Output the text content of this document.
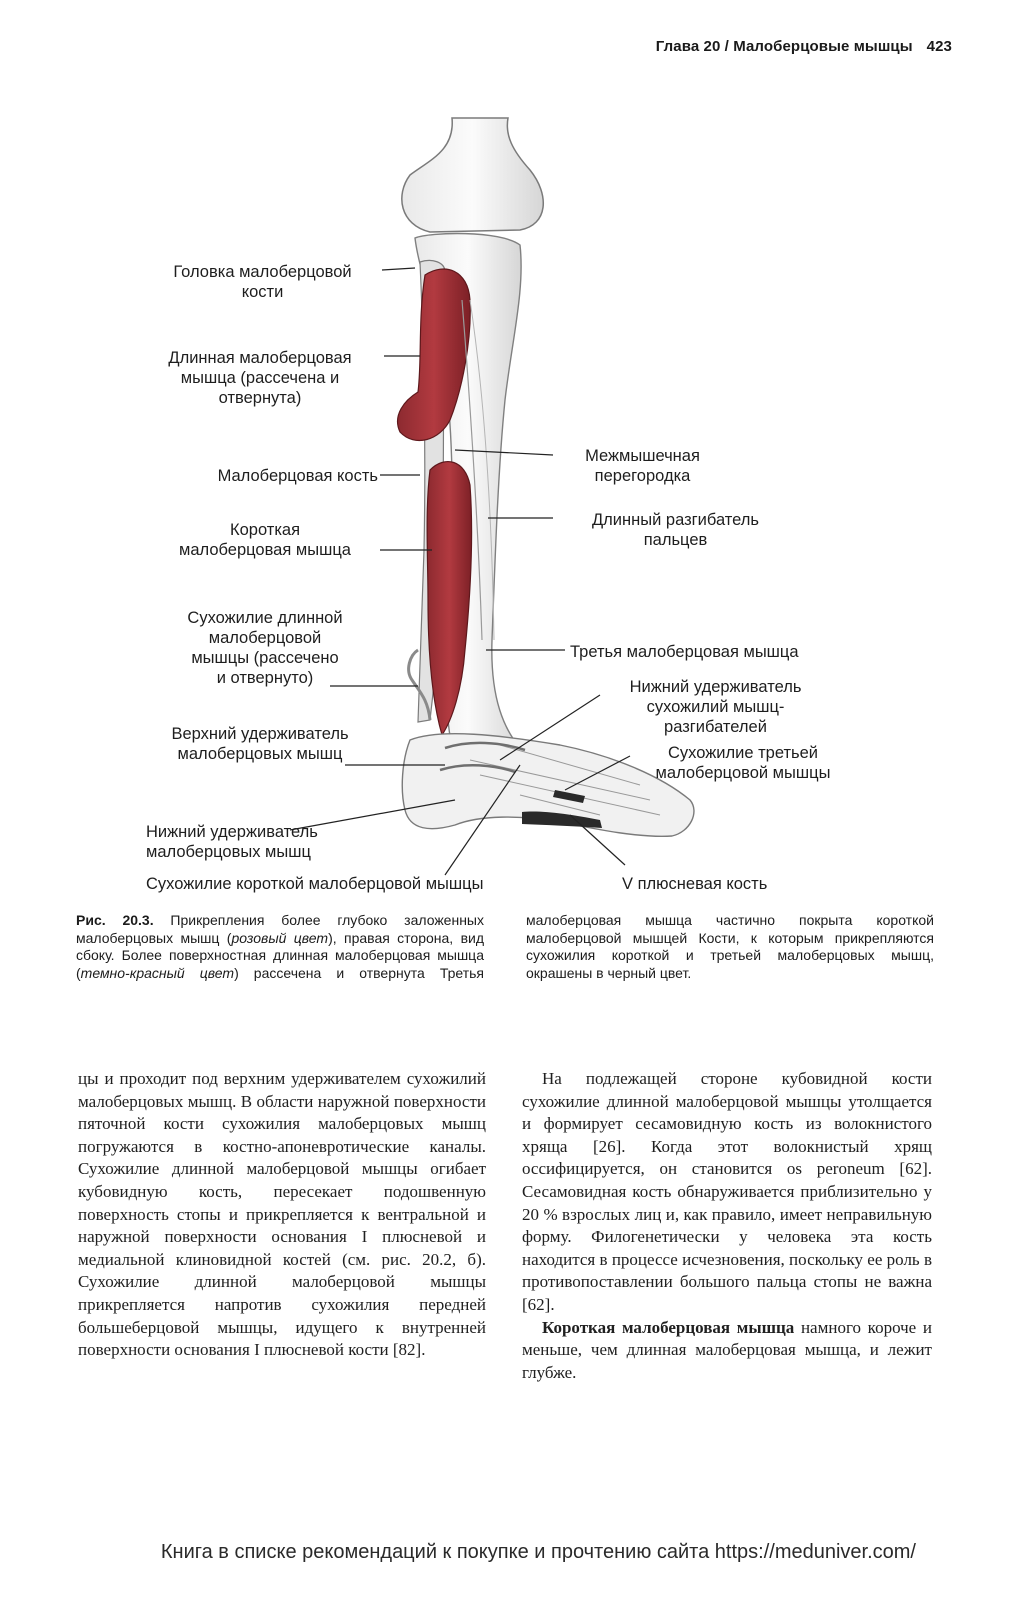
Глава 20 / Малоберцовые мышцы 423
Головка малоберцовой
кости
Длинная малоберцовая
мышца (рассечена и
отвернута)
Малоберцовая кость
Короткая
малоберцовая мышца
Сухожилие длинной
малоберцовой
мышцы (рассечено
и отвернуто)
Верхний удерживатель
малоберцовых мышц
Нижний удерживатель
малоберцовых мышц
Межмышечная
перегородка
Длинный разгибатель
пальцев
Третья малоберцовая мышца
Нижний удерживатель
сухожилий мышц-
разгибателей
Сухожилие третьей
малоберцовой мышцы
Сухожилие короткой малоберцовой мышцы	V плюсневая кость
Рис. 20.3. Прикрепления более глубоко заложенных малоберцовых мышц (розовый цвет), правая сторона, вид сбоку. Более поверхностная длинная малоберцовая мышца (темно-красный цвет) рассечена и отвернута Третья малоберцовая мышца частично покрыта короткой малоберцовой мышцей Кости, к которым прикрепляются сухожилия короткой и третьей малоберцовых мышц, окрашены в черный цвет.

цы и проходит под верхним удерживателем сухожилий малоберцовых мышц. В области наружной поверхности пяточной кости сухожилия малоберцовых мышц погружаются в костно-апоневротические каналы. Сухожилие длинной малоберцовой мышцы огибает кубовидную кость, пересекает подошвенную поверхность стопы и прикрепляется к вентральной и наружной поверхности основания I плюсневой и медиальной клиновидной костей (см. рис. 20.2, б). Сухожилие длинной малоберцовой мышцы прикрепляется напротив сухожилия передней большеберцовой мышцы, идущего к внутренней поверхности основания I плюсневой кости [82].

На подлежащей стороне кубовидной кости сухожилие длинной малоберцовой мышцы утолщается и формирует сесамовидную кость из волокнистого хряща [26]. Когда этот волокнистый хрящ оссифицируется, он становится os peroneum [62]. Сесамовидная кость обнаруживается приблизительно у 20 % взрослых лиц и, как правило, имеет неправильную форму. Филогенетически у человека эта кость находится в процессе исчезновения, поскольку ее роль в противопоставлении большого пальца стопы не важна [62].

Короткая малоберцовая мышца намного короче и меньше, чем длинная малоберцовая мышца, и лежит глубже.

Книга в списке рекомендаций к покупке и прочтению сайта https://meduniver.com/
